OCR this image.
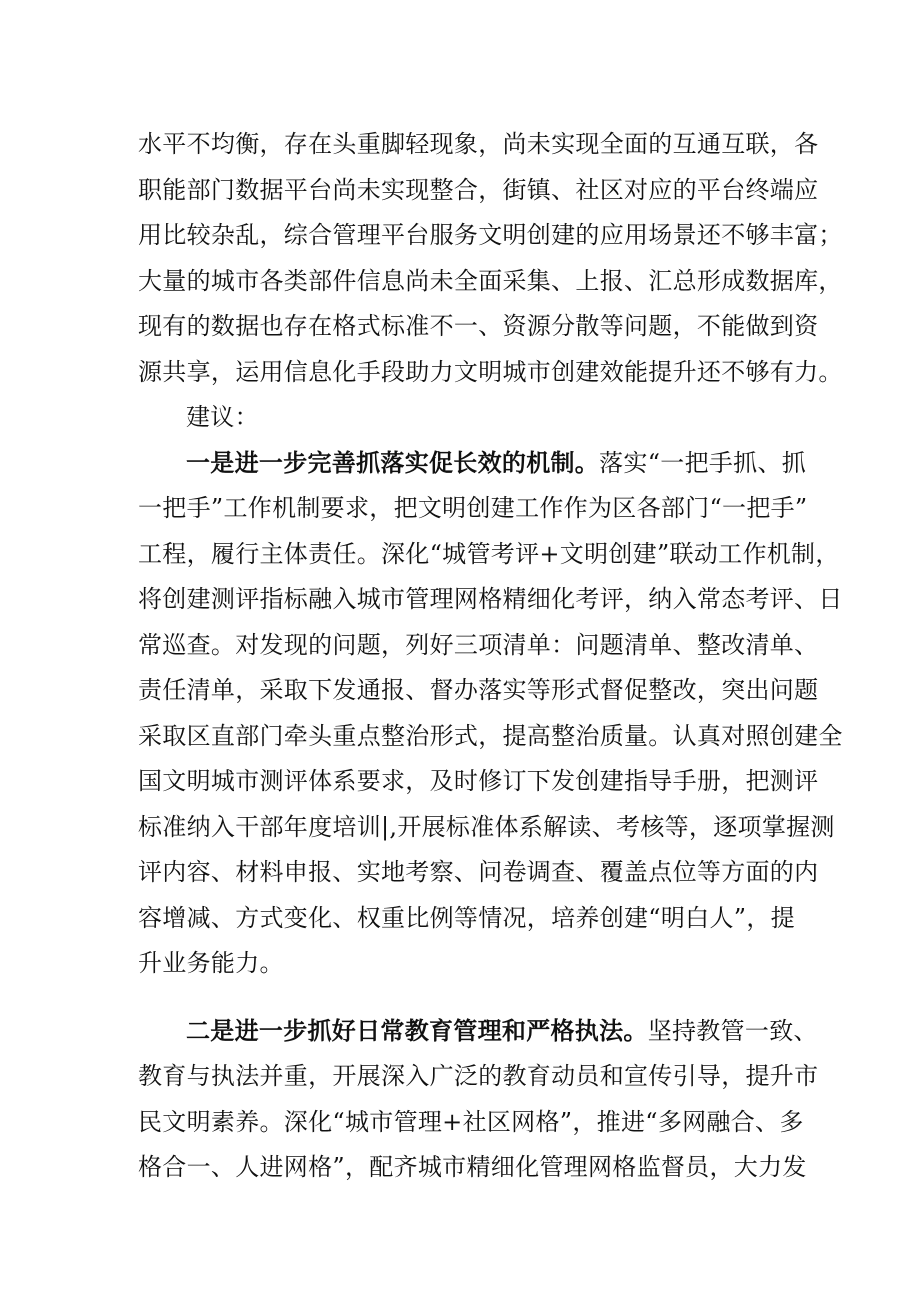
水平不均衡，存在头重脚轻现象，尚未实现全面的互通互联，各
职能部门数据平台尚未实现整合，街镇、社区对应的平台终端应
用比较杂乱，综合管理平台服务文明创建的应用场景还不够丰富；
大量的城市各类部件信息尚未全面采集、上报、汇总形成数据库，
现有的数据也存在格式标准不一、资源分散等问题，不能做到资
源共享，运用信息化手段助力文明城市创建效能提升还不够有力。
建议：
一是进一步完善抓落实促长效的机制。落实“一把手抓、抓
一把手”工作机制要求，把文明创建工作作为区各部门“一把手”
工程，履行主体责任。深化“城管考评+文明创建”联动工作机制，
将创建测评指标融入城市管理网格精细化考评，纳入常态考评、日
常巡查。对发现的问题，列好三项清单：问题清单、整改清单、
责任清单，采取下发通报、督办落实等形式督促整改，突出问题
采取区直部门牵头重点整治形式，提高整治质量。认真对照创建全
国文明城市测评体系要求，及时修订下发创建指导手册，把测评
标准纳入干部年度培训|,开展标准体系解读、考核等，逐项掌握测
评内容、材料申报、实地考察、问卷调查、覆盖点位等方面的内
容增减、方式变化、权重比例等情况，培养创建“明白人”，提
升业务能力。
二是进一步抓好日常教育管理和严格执法。坚持教管一致、
教育与执法并重，开展深入广泛的教育动员和宣传引导，提升市
民文明素养。深化“城市管理+社区网格”，推进“多网融合、多
格合一、人进网格”，配齐城市精细化管理网格监督员，大力发
